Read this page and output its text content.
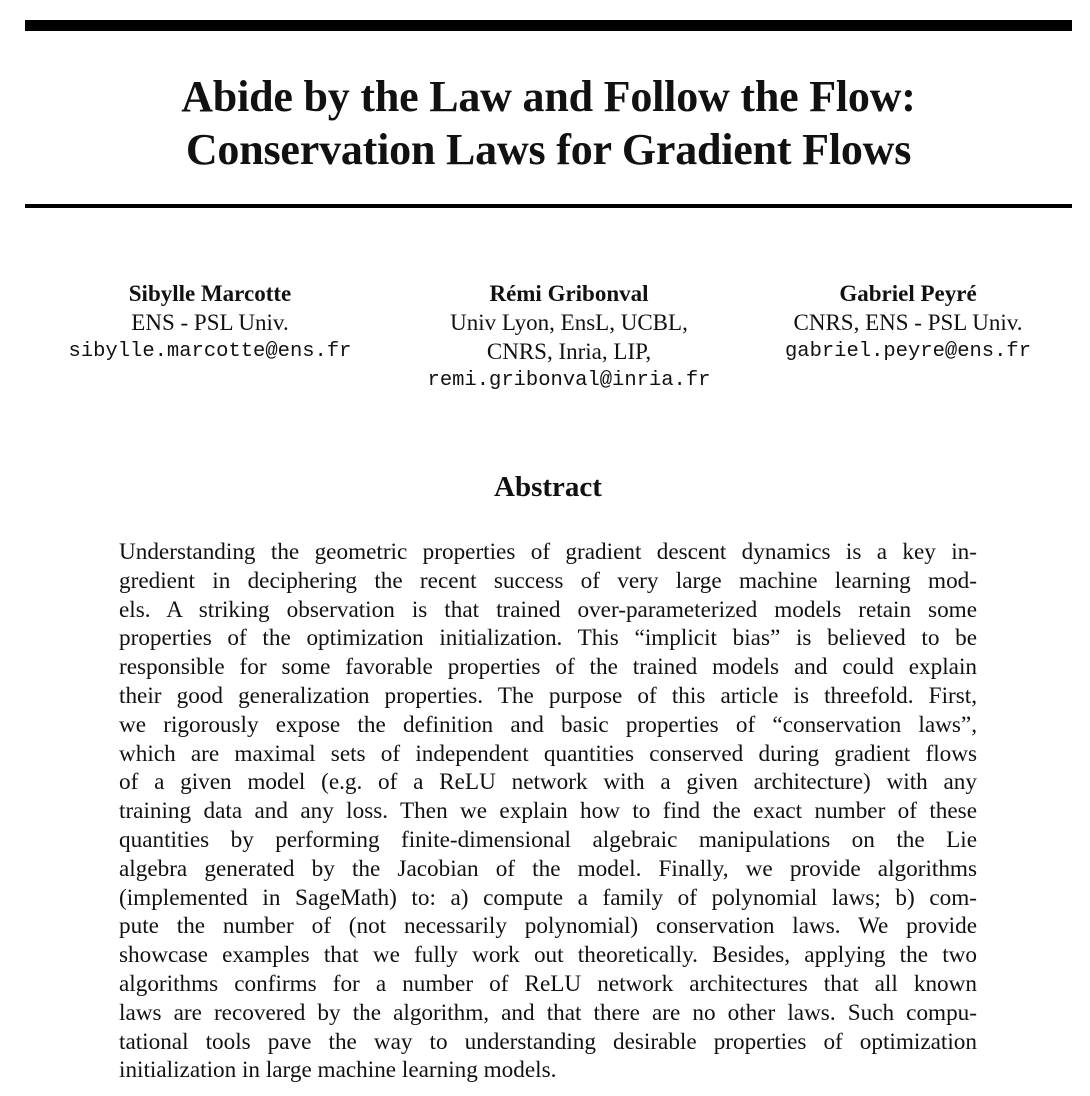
Abide by the Law and Follow the Flow:
Conservation Laws for Gradient Flows
Sibylle Marcotte
ENS - PSL Univ.
sibylle.marcotte@ens.fr
Rémi Gribonval
Univ Lyon, EnsL, UCBL,
CNRS, Inria, LIP,
remi.gribonval@inria.fr
Gabriel Peyré
CNRS, ENS - PSL Univ.
gabriel.peyre@ens.fr
Abstract
Understanding the geometric properties of gradient descent dynamics is a key in-
gredient in deciphering the recent success of very large machine learning mod-
els. A striking observation is that trained over-parameterized models retain some
properties of the optimization initialization. This “implicit bias” is believed to be
responsible for some favorable properties of the trained models and could explain
their good generalization properties. The purpose of this article is threefold. First,
we rigorously expose the definition and basic properties of “conservation laws”,
which are maximal sets of independent quantities conserved during gradient flows
of a given model (e.g. of a ReLU network with a given architecture) with any
training data and any loss. Then we explain how to find the exact number of these
quantities by performing finite-dimensional algebraic manipulations on the Lie
algebra generated by the Jacobian of the model. Finally, we provide algorithms
(implemented in SageMath) to: a) compute a family of polynomial laws; b) com-
pute the number of (not necessarily polynomial) conservation laws. We provide
showcase examples that we fully work out theoretically. Besides, applying the two
algorithms confirms for a number of ReLU network architectures that all known
laws are recovered by the algorithm, and that there are no other laws. Such compu-
tational tools pave the way to understanding desirable properties of optimization
initialization in large machine learning models.
